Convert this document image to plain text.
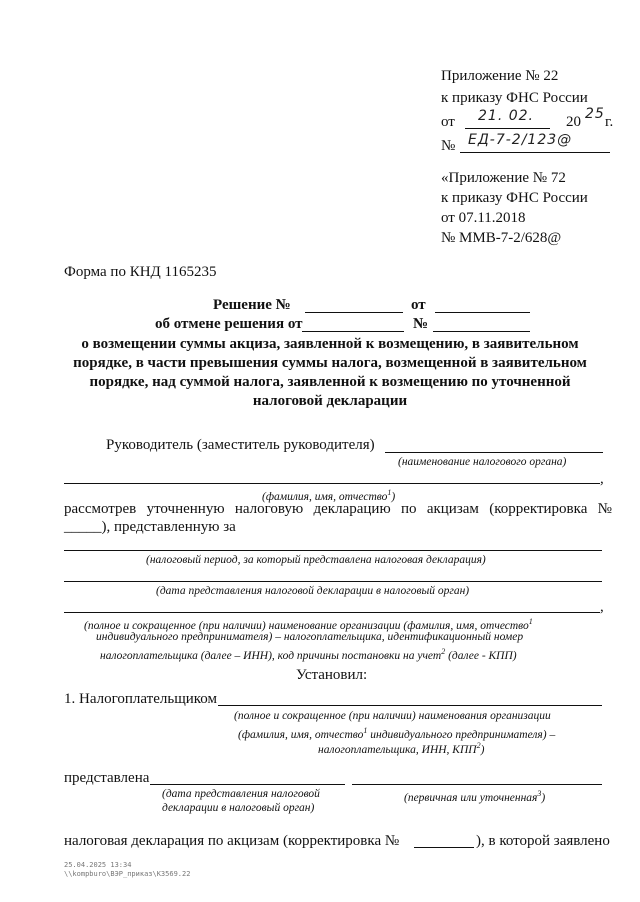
Приложение № 22
к приказу ФНС России
от 21. 02. 20 25 г.
№ ЕД-7-2/123@
«Приложение № 72
к приказу ФНС России
от 07.11.2018
№ ММВ-7-2/628@
Форма по КНД 1165235
Решение №	от
об отмене решения от	№
о возмещении суммы акциза, заявленной к возмещению, в заявительном
порядке, в части превышения суммы налога, возмещенной в заявительном
порядке, над суммой налога, заявленной к возмещению по уточненной
налоговой декларации
Руководитель (заместитель руководителя)
(наименование налогового органа)
,
(фамилия, имя, отчество$^1$)
рассмотрев уточненную налоговую декларацию по акцизам (корректировка №
_____), представленную за
(налоговый период, за который представлена налоговая декларация)
(дата представления налоговой декларации в налоговый орган)
,
(полное и сокращенное (при наличии) наименование организации (фамилия, имя, отчество$^1$
индивидуального предпринимателя) – налогоплательщика, идентификационный номер
налогоплательщика (далее – ИНН), код причины постановки на учет$^2$ (далее - КПП)
Установил:
1. Налогоплательщиком
(полное и сокращенное (при наличии) наименования организации
(фамилия, имя, отчество$^1$ индивидуального предпринимателя) –
налогоплательщика, ИНН, КПП$^2$)
представлена
(дата представления налоговой
декларации в налоговый орган)
(первичная или уточненная$^3$)
налоговая декларация по акцизам (корректировка №	), в которой заявлено
25.04.2025 13:34
\\kompburo\ВЭР_приказ\К3569.22
